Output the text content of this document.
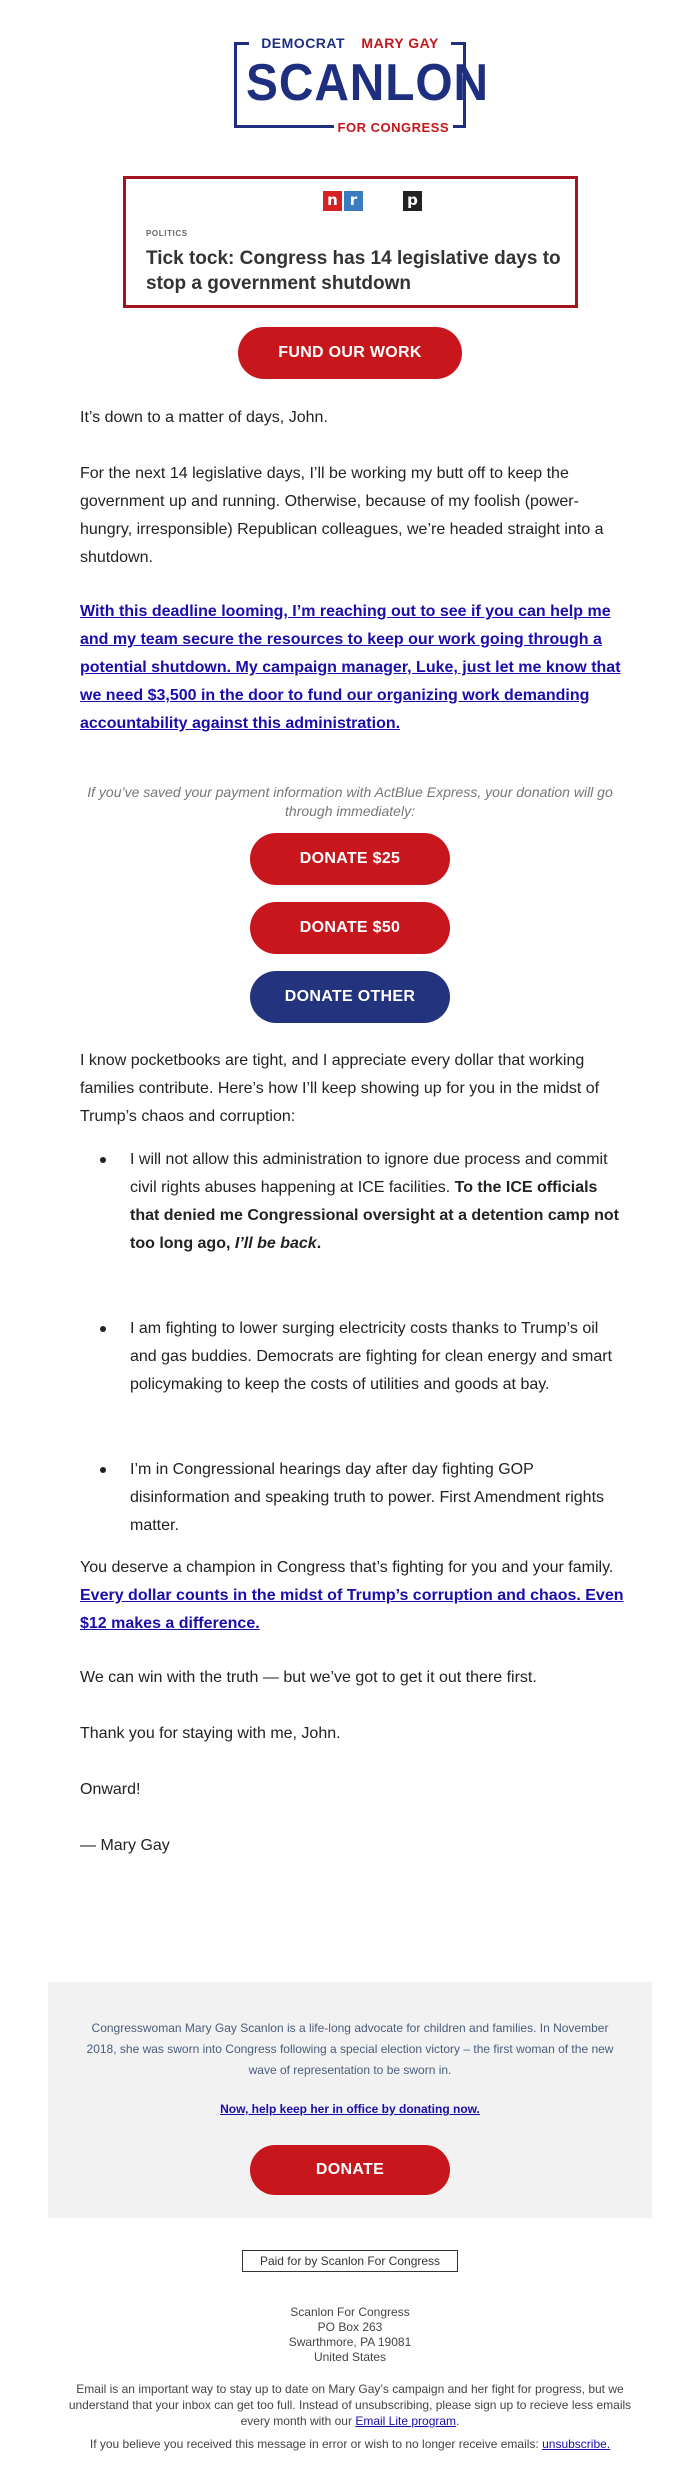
DEMOCRAT MARY GAY
SCANLON
FOR CONGRESS
n	p
r
POLITICS
Tick tock: Congress has 14 legislative days to stop a government shutdown
FUND OUR WORK
It’s down to a matter of days, John.
For the next 14 legislative days, I’ll be working my butt off to keep the government up and running. Otherwise, because of my foolish (power-hungry, irresponsible) Republican colleagues, we’re headed straight into a shutdown.
With this deadline looming, I’m reaching out to see if you can help me and my team secure the resources to keep our work going through a potential shutdown. My campaign manager, Luke, just let me know that we need $3,500 in the door to fund our organizing work demanding accountability against this administration.
If you’ve saved your payment information with ActBlue Express, your donation will go through immediately:
DONATE $25
DONATE $50
DONATE OTHER
I know pocketbooks are tight, and I appreciate every dollar that working families contribute. Here’s how I’ll keep showing up for you in the midst of Trump’s chaos and corruption:
I will not allow this administration to ignore due process and commit civil rights abuses happening at ICE facilities. To the ICE officials that denied me Congressional oversight at a detention camp not too long ago, I’ll be back.
I am fighting to lower surging electricity costs thanks to Trump’s oil and gas buddies. Democrats are fighting for clean energy and smart policymaking to keep the costs of utilities and goods at bay.
I’m in Congressional hearings day after day fighting GOP disinformation and speaking truth to power. First Amendment rights matter.
You deserve a champion in Congress that’s fighting for you and your family. Every dollar counts in the midst of Trump’s corruption and chaos. Even $12 makes a difference.
We can win with the truth — but we’ve got to get it out there first.
Thank you for staying with me, John.
Onward!
— Mary Gay
Congresswoman Mary Gay Scanlon is a life-long advocate for children and families. In November 2018, she was sworn into Congress following a special election victory – the first woman of the new wave of representation to be sworn in.
Now, help keep her in office by donating now.
DONATE
Paid for by Scanlon For Congress
Scanlon For Congress
PO Box 263
Swarthmore, PA 19081
United States
Email is an important way to stay up to date on Mary Gay’s campaign and her fight for progress, but we understand that your inbox can get too full. Instead of unsubscribing, please sign up to recieve less emails every month with our Email Lite program.
If you believe you received this message in error or wish to no longer receive emails: unsubscribe.
